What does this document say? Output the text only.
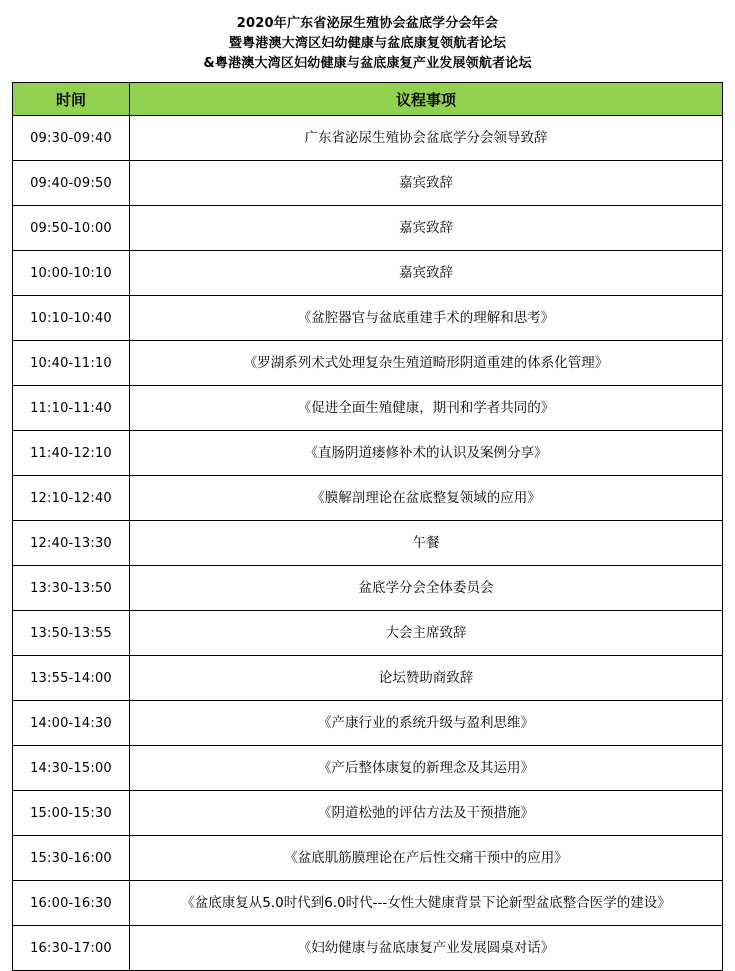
2020年广东省泌尿生殖协会盆底学分会年会
暨粤港澳大湾区妇幼健康与盆底康复领航者论坛
&粤港澳大湾区妇幼健康与盆底康复产业发展领航者论坛
时间	议程事项
09:30-09:40	广东省泌尿生殖协会盆底学分会领导致辞
09:40-09:50	嘉宾致辞
09:50-10:00	嘉宾致辞
10:00-10:10	嘉宾致辞
10:10-10:40	《盆腔器官与盆底重建手术的理解和思考》
10:40-11:10	《罗湖系列术式处理复杂生殖道畸形阴道重建的体系化管理》
11:10-11:40	《促进全面生殖健康，期刊和学者共同的》
11:40-12:10	《直肠阴道瘘修补术的认识及案例分享》
12:10-12:40	《膜解剖理论在盆底整复领域的应用》
12:40-13:30	午餐
13:30-13:50	盆底学分会全体委员会
13:50-13:55	大会主席致辞
13:55-14:00	论坛赞助商致辞
14:00-14:30	《产康行业的系统升级与盈利思维》
14:30-15:00	《产后整体康复的新理念及其运用》
15:00-15:30	《阴道松弛的评估方法及干预措施》
15:30-16:00	《盆底肌筋膜理论在产后性交痛干预中的应用》
16:00-16:30	《盆底康复从5.0时代到6.0时代---女性大健康背景下论新型盆底整合医学的建设》
16:30-17:00	《妇幼健康与盆底康复产业发展圆桌对话》
